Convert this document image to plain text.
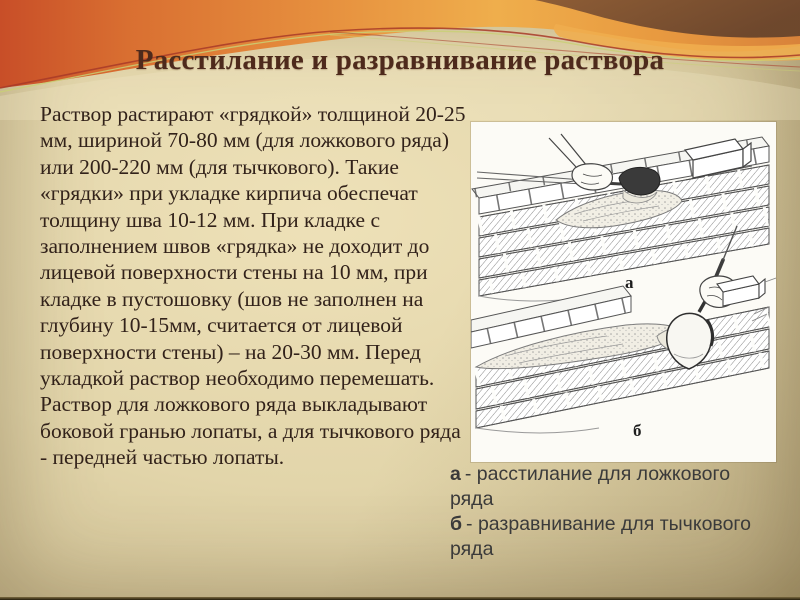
Расстилание и разравнивание раствора

Раствор растирают «грядкой» толщиной 20-25 мм, шириной 70-80 мм (для ложкового ряда) или 200-220 мм (для тычкового). Такие «грядки» при укладке кирпича обеспечат толщину шва 10-12 мм. При кладке с заполнением швов «грядка» не доходит до лицевой поверхности стены на 10 мм, при кладке в пустошовку (шов не заполнен на глубину 10-15мм, считается от лицевой поверхности стены) – на 20-30 мм. Перед укладкой раствор необходимо перемешать. Раствор для ложкового ряда выкладывают боковой гранью лопаты, а для тычкового ряда - передней частью лопаты.

а
б
а - расстилание для ложкового ряда
б - разравнивание для тычкового ряда
